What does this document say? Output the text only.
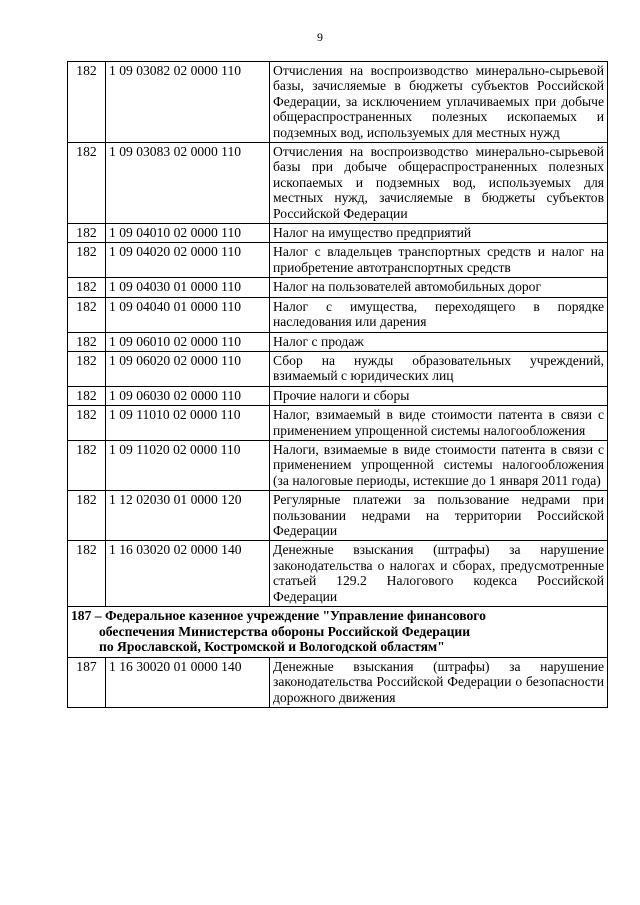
9
182	1 09 03082 02 0000 110	Отчисления на воспроизводство минерально-сырьевой базы, зачисляемые в бюджеты субъектов Российской Федерации, за исключением уплачиваемых при добыче общераспространенных полезных ископаемых и подземных вод, используемых для местных нужд
182	1 09 03083 02 0000 110	Отчисления на воспроизводство минерально-сырьевой базы при добыче общераспространенных полезных ископаемых и подземных вод, используемых для местных нужд, зачисляемые в бюджеты субъектов Российской Федерации
182	1 09 04010 02 0000 110	Налог на имущество предприятий
182	1 09 04020 02 0000 110	Налог с владельцев транспортных средств и налог на приобретение автотранспортных средств
182	1 09 04030 01 0000 110	Налог на пользователей автомобильных дорог
182	1 09 04040 01 0000 110	Налог с имущества, переходящего в порядке наследования или дарения
182	1 09 06010 02 0000 110	Налог с продаж
182	1 09 06020 02 0000 110	Сбор на нужды образовательных учреждений, взимаемый с юридических лиц
182	1 09 06030 02 0000 110	Прочие налоги и сборы
182	1 09 11010 02 0000 110	Налог, взимаемый в виде стоимости патента в связи с применением упрощенной системы налогообложения
182	1 09 11020 02 0000 110	Налоги, взимаемые в виде стоимости патента в связи с применением упрощенной системы налогообложения (за налоговые периоды, истекшие до 1 января 2011 года)
182	1 12 02030 01 0000 120	Регулярные платежи за пользование недрами при пользовании недрами на территории Российской Федерации
182	1 16 03020 02 0000 140	Денежные взыскания (штрафы) за нарушение законодательства о налогах и сборах, предусмотренные статьей 129.2 Налогового кодекса Российской Федерации

187 – Федеральное казенное учреждение "Управление финансового
обеспечения Министерства обороны Российской Федерации
по Ярославской, Костромской и Вологодской областям"		

187	1 16 30020 01 0000 140	Денежные взыскания (штрафы) за нарушение законодательства Российской Федерации о безопасности дорожного движения
